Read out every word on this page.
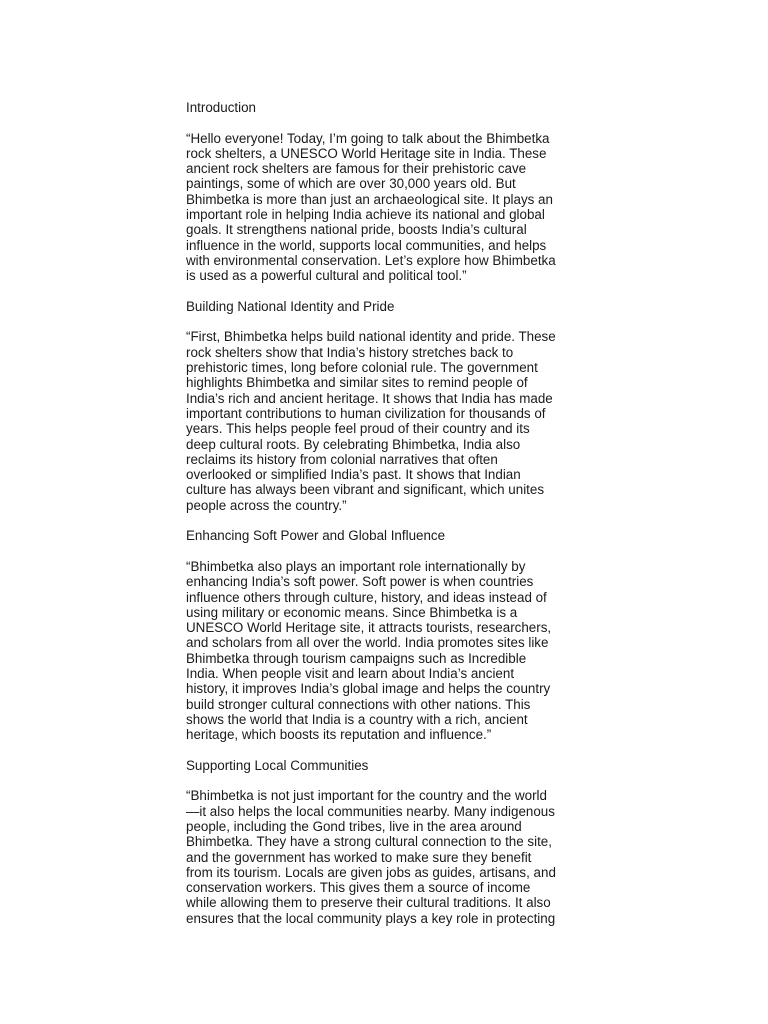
Introduction
“Hello everyone! Today, I’m going to talk about the Bhimbetka
rock shelters, a UNESCO World Heritage site in India. These
ancient rock shelters are famous for their prehistoric cave
paintings, some of which are over 30,000 years old. But
Bhimbetka is more than just an archaeological site. It plays an
important role in helping India achieve its national and global
goals. It strengthens national pride, boosts India’s cultural
influence in the world, supports local communities, and helps
with environmental conservation. Let’s explore how Bhimbetka
is used as a powerful cultural and political tool.”
Building National Identity and Pride
“First, Bhimbetka helps build national identity and pride. These
rock shelters show that India’s history stretches back to
prehistoric times, long before colonial rule. The government
highlights Bhimbetka and similar sites to remind people of
India’s rich and ancient heritage. It shows that India has made
important contributions to human civilization for thousands of
years. This helps people feel proud of their country and its
deep cultural roots. By celebrating Bhimbetka, India also
reclaims its history from colonial narratives that often
overlooked or simplified India’s past. It shows that Indian
culture has always been vibrant and significant, which unites
people across the country.”
Enhancing Soft Power and Global Influence
“Bhimbetka also plays an important role internationally by
enhancing India’s soft power. Soft power is when countries
influence others through culture, history, and ideas instead of
using military or economic means. Since Bhimbetka is a
UNESCO World Heritage site, it attracts tourists, researchers,
and scholars from all over the world. India promotes sites like
Bhimbetka through tourism campaigns such as Incredible
India. When people visit and learn about India’s ancient
history, it improves India’s global image and helps the country
build stronger cultural connections with other nations. This
shows the world that India is a country with a rich, ancient
heritage, which boosts its reputation and influence.”
Supporting Local Communities
“Bhimbetka is not just important for the country and the world
—it also helps the local communities nearby. Many indigenous
people, including the Gond tribes, live in the area around
Bhimbetka. They have a strong cultural connection to the site,
and the government has worked to make sure they benefit
from its tourism. Locals are given jobs as guides, artisans, and
conservation workers. This gives them a source of income
while allowing them to preserve their cultural traditions. It also
ensures that the local community plays a key role in protecting
